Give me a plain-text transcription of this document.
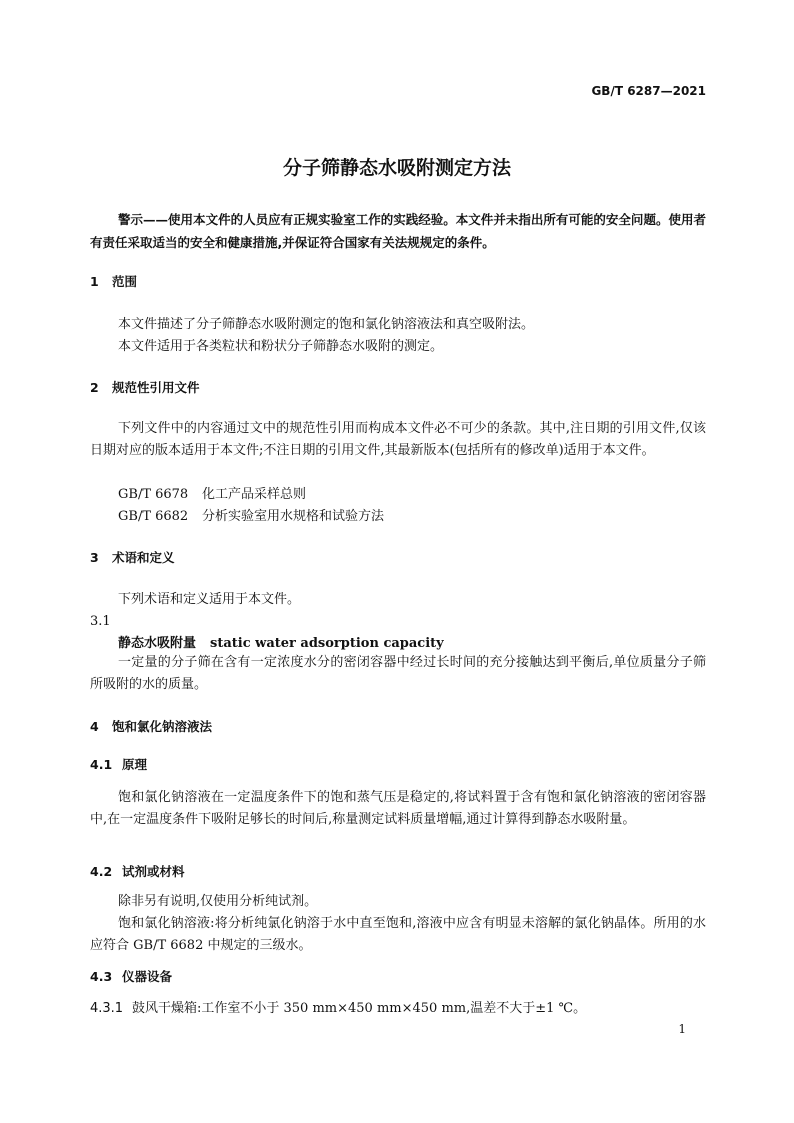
GB/T 6287—2021
分子筛静态水吸附测定方法
警示——使用本文件的人员应有正规实验室工作的实践经验。本文件并未指出所有可能的安全问题。使用者有责任采取适当的安全和健康措施,并保证符合国家有关法规规定的条件。
1 范围
本文件描述了分子筛静态水吸附测定的饱和氯化钠溶液法和真空吸附法。
本文件适用于各类粒状和粉状分子筛静态水吸附的测定。
2 规范性引用文件
下列文件中的内容通过文中的规范性引用而构成本文件必不可少的条款。其中,注日期的引用文件,仅该日期对应的版本适用于本文件;不注日期的引用文件,其最新版本(包括所有的修改单)适用于本文件。
GB/T 6678 化工产品采样总则
GB/T 6682 分析实验室用水规格和试验方法
3 术语和定义
下列术语和定义适用于本文件。
3.1
静态水吸附量 static water adsorption capacity
一定量的分子筛在含有一定浓度水分的密闭容器中经过长时间的充分接触达到平衡后,单位质量分子筛所吸附的水的质量。
4 饱和氯化钠溶液法
4.1 原理
饱和氯化钠溶液在一定温度条件下的饱和蒸气压是稳定的,将试料置于含有饱和氯化钠溶液的密闭容器中,在一定温度条件下吸附足够长的时间后,称量测定试料质量增幅,通过计算得到静态水吸附量。
4.2 试剂或材料
除非另有说明,仅使用分析纯试剂。
饱和氯化钠溶液:将分析纯氯化钠溶于水中直至饱和,溶液中应含有明显未溶解的氯化钠晶体。所用的水应符合 GB/T 6682 中规定的三级水。
4.3 仪器设备
4.3.1 鼓风干燥箱:工作室不小于 350 mm×450 mm×450 mm,温差不大于±1 ℃。
1
